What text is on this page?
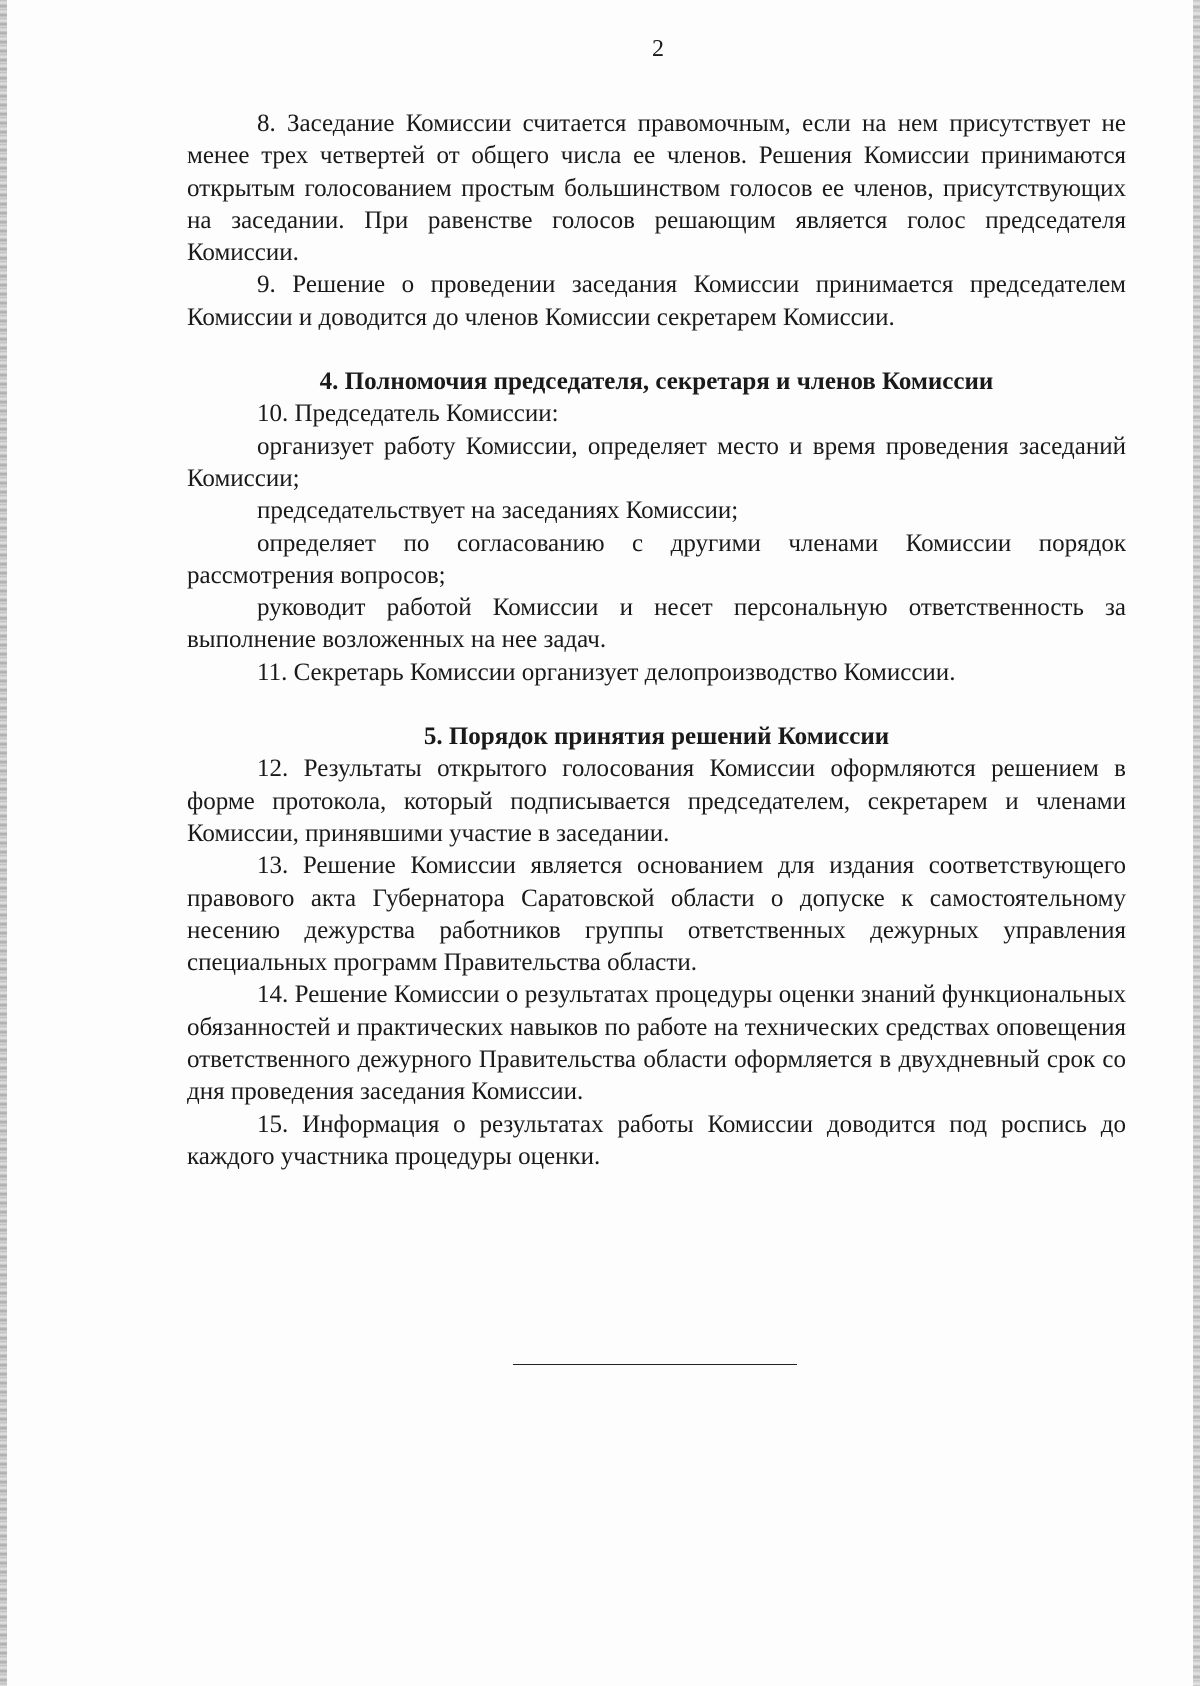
2

8. Заседание Комиссии считается правомочным, если на нем присутствует не менее трех четвертей от общего числа ее членов. Решения Комиссии принимаются открытым голосованием простым большинством голосов ее членов, присутствующих на заседании. При равенстве голосов решающим является голос председателя Комиссии.

9. Решение о проведении заседания Комиссии принимается председателем Комиссии и доводится до членов Комиссии секретарем Комиссии.

4. Полномочия председателя, секретаря и членов Комиссии

10. Председатель Комиссии:

организует работу Комиссии, определяет место и время проведения заседаний Комиссии;

председательствует на заседаниях Комиссии;

определяет по согласованию с другими членами Комиссии порядок рассмотрения вопросов;

руководит работой Комиссии и несет персональную ответственность за выполнение возложенных на нее задач.

11. Секретарь Комиссии организует делопроизводство Комиссии.

5. Порядок принятия решений Комиссии

12. Результаты открытого голосования Комиссии оформляются решением в форме протокола, который подписывается председателем, секретарем и членами Комиссии, принявшими участие в заседании.

13. Решение Комиссии является основанием для издания соответствующего правового акта Губернатора Саратовской области о допуске к самостоятельному несению дежурства работников группы ответственных дежурных управления специальных программ Правительства области.

14. Решение Комиссии о результатах процедуры оценки знаний функциональных обязанностей и практических навыков по работе на технических средствах оповещения ответственного дежурного Правительства области оформляется в двухдневный срок со дня проведения заседания Комиссии.

15. Информация о результатах работы Комиссии доводится под роспись до каждого участника процедуры оценки.
